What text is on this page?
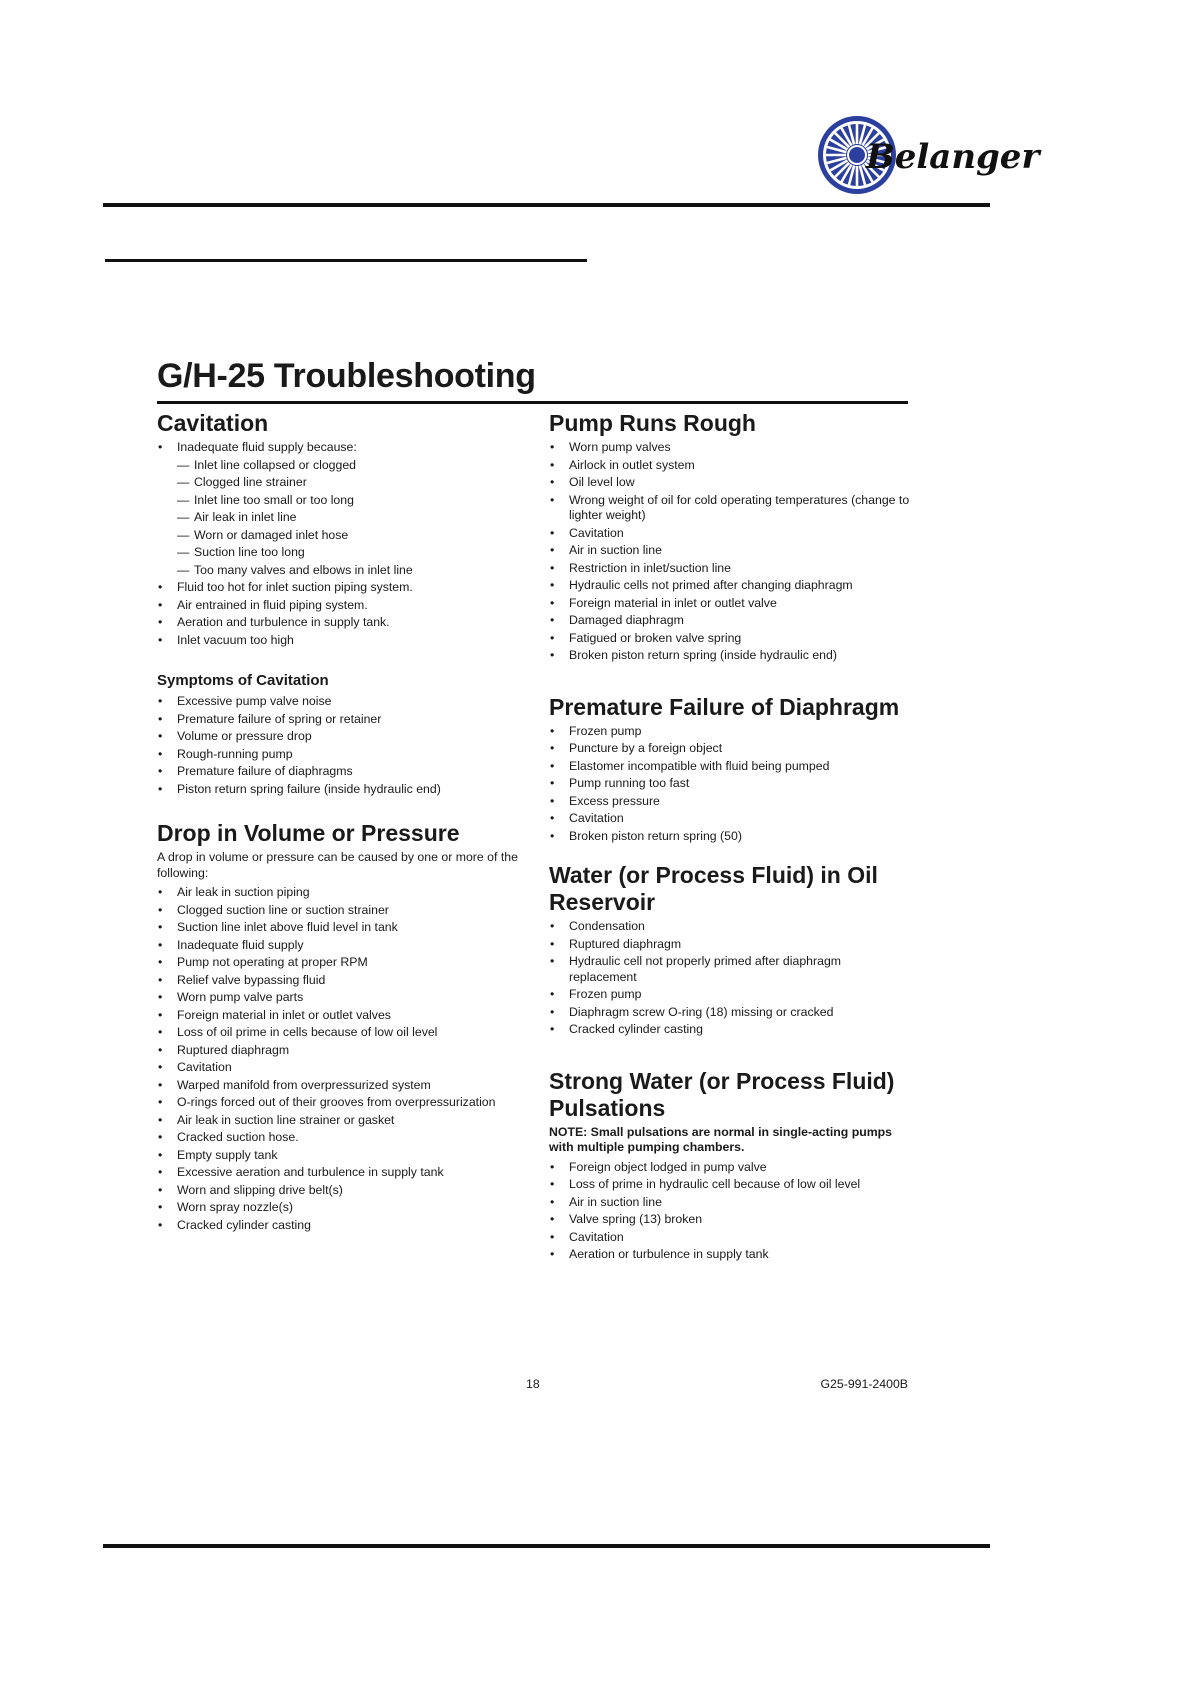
Belanger
G/H-25 Troubleshooting
Cavitation
• Inadequate fluid supply because:
— Inlet line collapsed or clogged
— Clogged line strainer
— Inlet line too small or too long
— Air leak in inlet line
— Worn or damaged inlet hose
— Suction line too long
— Too many valves and elbows in inlet line
• Fluid too hot for inlet suction piping system.
• Air entrained in fluid piping system.
• Aeration and turbulence in supply tank.
• Inlet vacuum too high
Symptoms of Cavitation
• Excessive pump valve noise
• Premature failure of spring or retainer
• Volume or pressure drop
• Rough-running pump
• Premature failure of diaphragms
• Piston return spring failure (inside hydraulic end)
Drop in Volume or Pressure

A drop in volume or pressure can be caused by one or more of the following:

• Air leak in suction piping
• Clogged suction line or suction strainer
• Suction line inlet above fluid level in tank
• Inadequate fluid supply
• Pump not operating at proper RPM
• Relief valve bypassing fluid
• Worn pump valve parts
• Foreign material in inlet or outlet valves
• Loss of oil prime in cells because of low oil level
• Ruptured diaphragm
• Cavitation
• Warped manifold from overpressurized system
• O-rings forced out of their grooves from overpressurization
• Air leak in suction line strainer or gasket
• Cracked suction hose.
• Empty supply tank
• Excessive aeration and turbulence in supply tank
• Worn and slipping drive belt(s)
• Worn spray nozzle(s)
• Cracked cylinder casting
Pump Runs Rough
• Worn pump valves
• Airlock in outlet system
• Oil level low
• Wrong weight of oil for cold operating temperatures (change to lighter weight)
• Cavitation
• Air in suction line
• Restriction in inlet/suction line
• Hydraulic cells not primed after changing diaphragm
• Foreign material in inlet or outlet valve
• Damaged diaphragm
• Fatigued or broken valve spring
• Broken piston return spring (inside hydraulic end)
Premature Failure of Diaphragm
• Frozen pump
• Puncture by a foreign object
• Elastomer incompatible with fluid being pumped
• Pump running too fast
• Excess pressure
• Cavitation
• Broken piston return spring (50)
Water (or Process Fluid) in Oil
Reservoir
• Condensation
• Ruptured diaphragm
• Hydraulic cell not properly primed after diaphragm replacement
• Frozen pump
• Diaphragm screw O-ring (18) missing or cracked
• Cracked cylinder casting
Strong Water (or Process Fluid)
Pulsations

NOTE: Small pulsations are normal in single-acting pumps with multiple pumping chambers.

• Foreign object lodged in pump valve
• Loss of prime in hydraulic cell because of low oil level
• Air in suction line
• Valve spring (13) broken
• Cavitation
• Aeration or turbulence in supply tank
18	G25-991-2400B
